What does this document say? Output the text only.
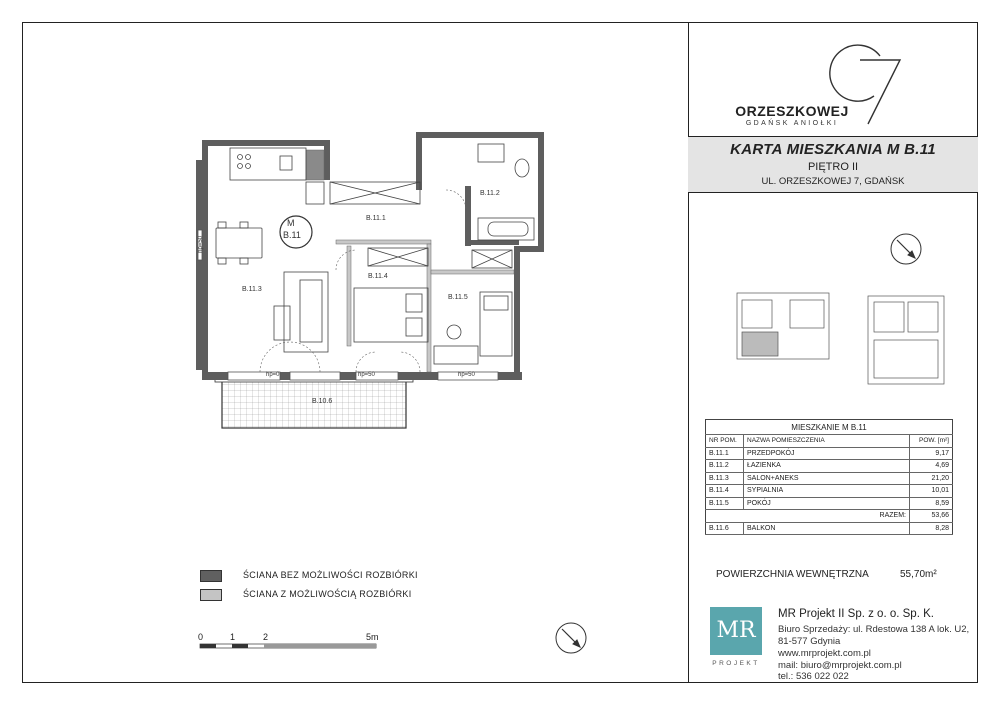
M
B.11
B.11.1
B.11.2
B.11.3
B.11.4
B.11.5
B.10.6
hp=50
hp=0	hp=50	hp=50
ŚCIANA BEZ MOŻLIWOŚCI ROZBIÓRKI
ŚCIANA Z MOŻLIWOŚCIĄ ROZBIÓRKI
0	1	2	5m
ORZESZKOWEJ
GDAŃSK ANIOŁKI
KARTA MIESZKANIA M B.11
PIĘTRO II
UL. ORZESZKOWEJ 7, GDAŃSK
MIESZKANIE M B.11		
NR POM.	NAZWA POMIESZCZENIA	POW. [m²]
B.11.1	PRZEDPOKÓJ	9,17
B.11.2	ŁAZIENKA	4,69
B.11.3	SALON+ANEKS	21,20
B.11.4	SYPIALNIA	10,01
B.11.5	POKÓJ	8,59
	RAZEM:	53,66
B.11.6	BALKON	8,28
POWIERZCHNIA WEWNĘTRZNA	55,70m²
MR
PROJEKT
MR Projekt II Sp. z o. o. Sp. K.
Biuro Sprzedaży: ul. Rdestowa 138 A lok. U2,
81-577 Gdynia
www.mrprojekt.com.pl
mail: biuro@mrprojekt.com.pl
tel.: 536 022 022
